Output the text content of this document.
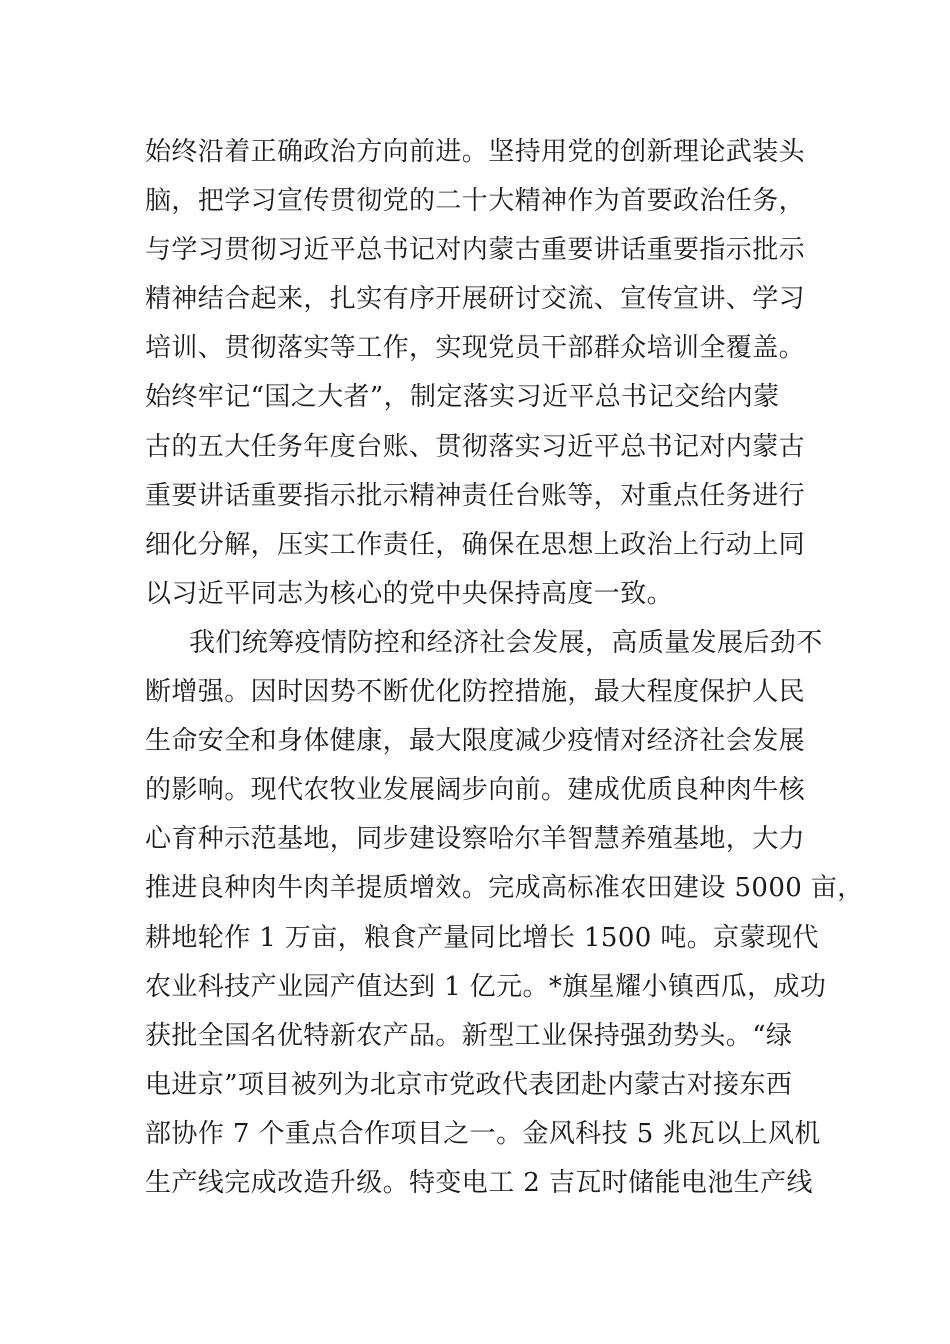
始终沿着正确政治方向前进。坚持用党的创新理论武装头
脑，把学习宣传贯彻党的二十大精神作为首要政治任务，
与学习贯彻习近平总书记对内蒙古重要讲话重要指示批示
精神结合起来，扎实有序开展研讨交流、宣传宣讲、学习
培训、贯彻落实等工作，实现党员干部群众培训全覆盖。
始终牢记“国之大者”，制定落实习近平总书记交给内蒙
古的五大任务年度台账、贯彻落实习近平总书记对内蒙古
重要讲话重要指示批示精神责任台账等，对重点任务进行
细化分解，压实工作责任，确保在思想上政治上行动上同
以习近平同志为核心的党中央保持高度一致。
我们统筹疫情防控和经济社会发展，高质量发展后劲不
断增强。因时因势不断优化防控措施，最大程度保护人民
生命安全和身体健康，最大限度减少疫情对经济社会发展
的影响。现代农牧业发展阔步向前。建成优质良种肉牛核
心育种示范基地，同步建设察哈尔羊智慧养殖基地，大力
推进良种肉牛肉羊提质增效。完成高标准农田建设 5000 亩，
耕地轮作 1 万亩，粮食产量同比增长 1500 吨。京蒙现代
农业科技产业园产值达到 1 亿元。*旗星耀小镇西瓜，成功
获批全国名优特新农产品。新型工业保持强劲势头。“绿
电进京”项目被列为北京市党政代表团赴内蒙古对接东西
部协作 7 个重点合作项目之一。金风科技 5 兆瓦以上风机
生产线完成改造升级。特变电工 2 吉瓦时储能电池生产线
